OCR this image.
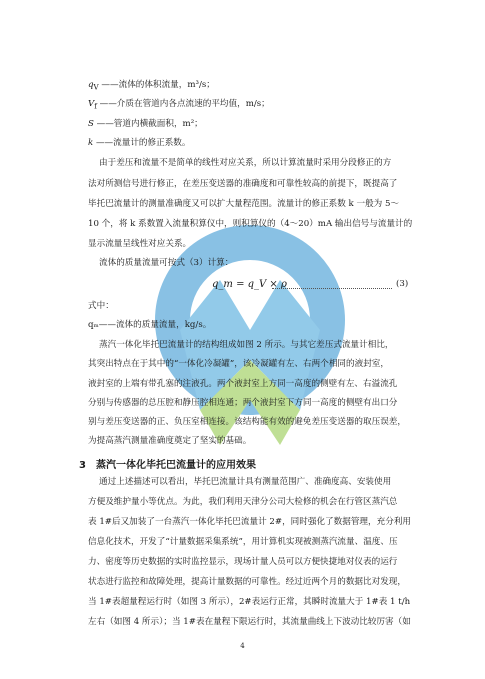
$q_V$ ——流体的体积流量，m³/s；
$V_f$ ——介质在管道内各点流速的平均值，m/s；
S ——管道内横截面积，m²；
k ——流量计的修正系数。
由于差压和流量不是简单的线性对应关系，所以计算流量时采用分段修正的方
法对所测信号进行修正，在差压变送器的准确度和可靠性较高的前提下，既提高了
毕托巴流量计的测量准确度又可以扩大量程范围。流量计的修正系数 k 一般为 5～
10 个，将 k 系数置入流量积算仪中，则积算仪的（4～20）mA 输出信号与流量计的
显示流量呈线性对应关系。
流体的质量流量可按式（3）计算：
q_m = q_V × ρ	(3)
式中：
qₘ——流体的质量流量，kg/s。
蒸汽一体化毕托巴流量计的结构组成如图 2 所示。与其它差压式流量计相比，
其突出特点在于其中的“一体化冷凝罐”，该冷凝罐有左、右两个相同的液封室，
液封室的上端有带孔塞的注液孔。两个液封室上方同一高度的侧壁有左、右溢流孔
分别与传感器的总压腔和静压腔相连通；两个液封室下方同一高度的侧壁有出口分
别与差压变送器的正、负压室相连接。该结构能有效的避免差压变送器的取压误差，
为提高蒸汽测量准确度奠定了坚实的基础。
3 蒸汽一体化毕托巴流量计的应用效果
通过上述描述可以看出，毕托巴流量计具有测量范围广、准确度高、安装使用
方便及维护量小等优点。为此，我们利用天津分公司大检修的机会在行管区蒸汽总
表 1#后又加装了一台蒸汽一体化毕托巴流量计 2#，同时强化了数据管理，充分利用
信息化技术，开发了“计量数据采集系统”，用计算机实现被测蒸汽流量、温度、压
力、密度等历史数据的实时监控显示，现场计量人员可以方便快捷地对仪表的运行
状态进行监控和故障处理，提高计量数据的可靠性。经过近两个月的数据比对发现，
当 1#表超量程运行时（如图 3 所示），2#表运行正常，其瞬时流量大于 1#表 1 t/h
左右（如图 4 所示）；当 1#表在量程下限运行时，其流量曲线上下波动比较厉害（如
4
